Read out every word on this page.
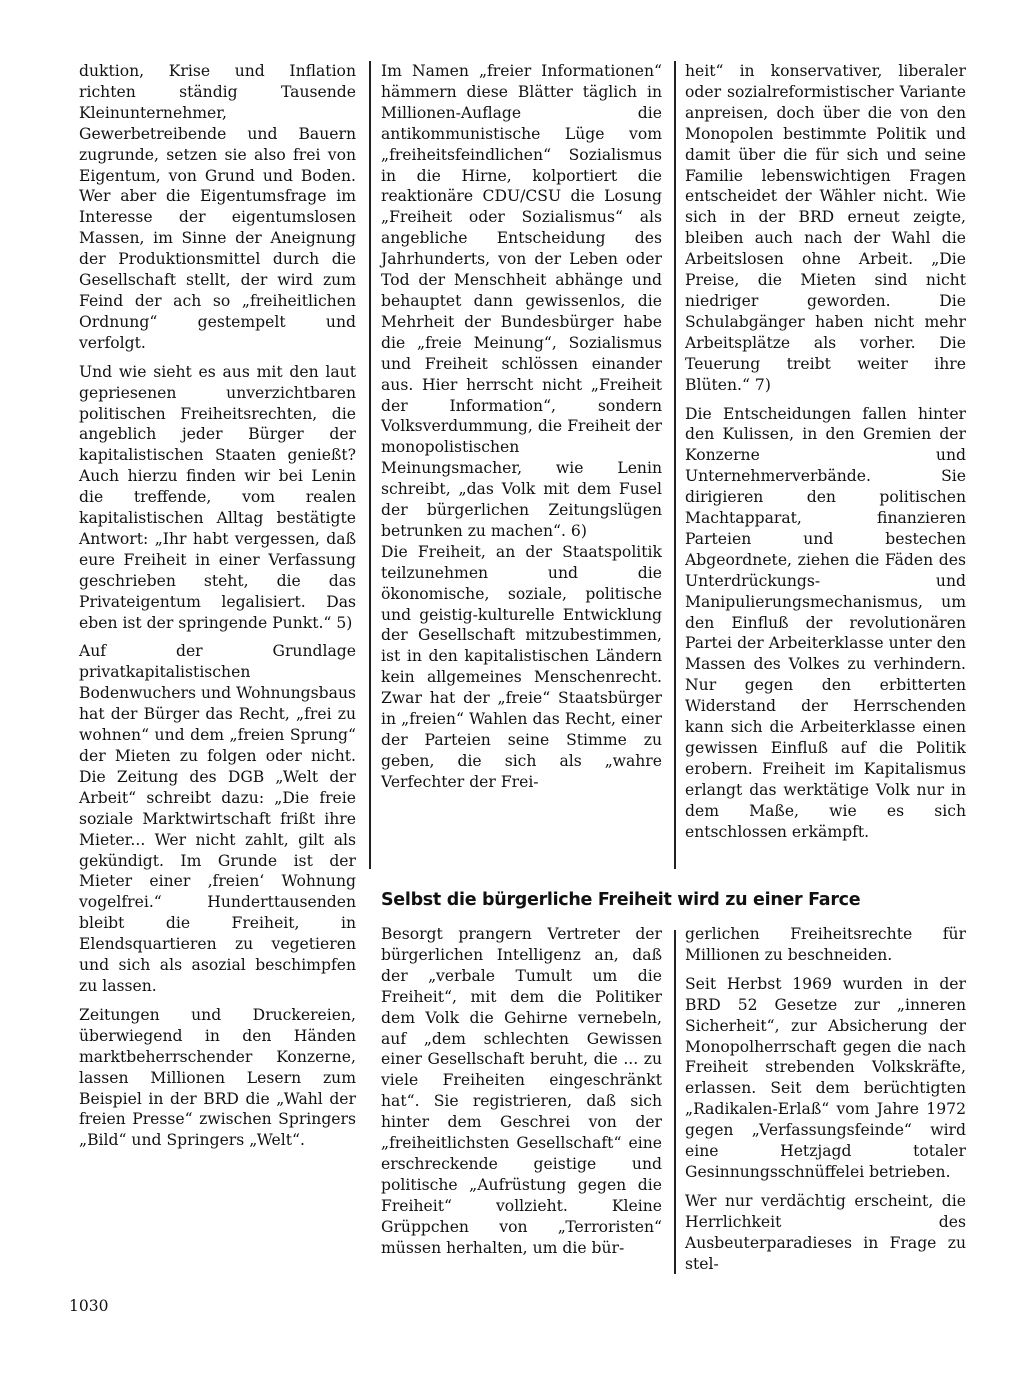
duktion, Krise und Inflation richten ständig Tausende Kleinunternehmer, Gewerbetreibende und Bauern zugrunde, setzen sie also frei von Eigentum, von Grund und Boden. Wer aber die Eigentumsfrage im Interesse der eigentumslosen Massen, im Sinne der Aneignung der Produktionsmittel durch die Gesellschaft stellt, der wird zum Feind der ach so „freiheitlichen Ordnung“ gestempelt und verfolgt.

Und wie sieht es aus mit den laut gepriesenen unverzichtbaren politischen Freiheitsrechten, die angeblich jeder Bürger der kapitalistischen Staaten genießt? Auch hierzu finden wir bei Lenin die treffende, vom realen kapitalistischen Alltag bestätigte Antwort: „Ihr habt vergessen, daß eure Freiheit in einer Verfassung geschrieben steht, die das Privateigentum legalisiert. Das eben ist der springende Punkt.“ 5)

Auf der Grundlage privatkapitalistischen Bodenwuchers und Wohnungsbaus hat der Bürger das Recht, „frei zu wohnen“ und dem „freien Sprung“ der Mieten zu folgen oder nicht. Die Zeitung des DGB „Welt der Arbeit“ schreibt dazu: „Die freie soziale Marktwirtschaft frißt ihre Mieter... Wer nicht zahlt, gilt als gekündigt. Im Grunde ist der Mieter einer ‚freien‘ Wohnung vogelfrei.“ Hunderttausenden bleibt die Freiheit, in Elendsquartieren zu vegetieren und sich als asozial beschimpfen zu lassen.

Zeitungen und Druckereien, überwiegend in den Händen marktbeherrschender Konzerne, lassen Millionen Lesern zum Beispiel in der BRD die „Wahl der freien Presse“ zwischen Springers „Bild“ und Springers „Welt“.

Im Namen „freier Informationen“ hämmern diese Blätter täglich in Millionen-Auflage die antikommunistische Lüge vom „freiheitsfeindlichen“ Sozialismus in die Hirne, kolportiert die reaktionäre CDU/CSU die Losung „Freiheit oder Sozialismus“ als angebliche Entscheidung des Jahrhunderts, von der Leben oder Tod der Menschheit abhänge und behauptet dann gewissenlos, die Mehrheit der Bundesbürger habe die „freie Meinung“, Sozialismus und Freiheit schlössen einander aus. Hier herrscht nicht „Freiheit der Information“, sondern Volksverdummung, die Freiheit der monopolistischen Meinungsmacher, wie Lenin schreibt, „das Volk mit dem Fusel der bürgerlichen Zeitungslügen betrunken zu machen“. 6)

Die Freiheit, an der Staatspolitik teilzunehmen und die ökonomische, soziale, politische und geistig-kulturelle Entwicklung der Gesellschaft mitzubestimmen, ist in den kapitalistischen Ländern kein allgemeines Menschenrecht. Zwar hat der „freie“ Staatsbürger in „freien“ Wahlen das Recht, einer der Parteien seine Stimme zu geben, die sich als „wahre Verfechter der Frei-

heit“ in konservativer, liberaler oder sozialreformistischer Variante anpreisen, doch über die von den Monopolen bestimmte Politik und damit über die für sich und seine Familie lebenswichtigen Fragen entscheidet der Wähler nicht. Wie sich in der BRD erneut zeigte, bleiben auch nach der Wahl die Arbeitslosen ohne Arbeit. „Die Preise, die Mieten sind nicht niedriger geworden. Die Schulabgänger haben nicht mehr Arbeitsplätze als vorher. Die Teuerung treibt weiter ihre Blüten.“ 7)

Die Entscheidungen fallen hinter den Kulissen, in den Gremien der Konzerne und Unternehmerverbände. Sie dirigieren den politischen Machtapparat, finanzieren Parteien und bestechen Abgeordnete, ziehen die Fäden des Unterdrückungs- und Manipulierungsmechanismus, um den Einfluß der revolutionären Partei der Arbeiterklasse unter den Massen des Volkes zu verhindern. Nur gegen den erbitterten Widerstand der Herrschenden kann sich die Arbeiterklasse einen gewissen Einfluß auf die Politik erobern. Freiheit im Kapitalismus erlangt das werktätige Volk nur in dem Maße, wie es sich entschlossen erkämpft.

Selbst die bürgerliche Freiheit wird zu einer Farce

Besorgt prangern Vertreter der bürgerlichen Intelligenz an, daß der „verbale Tumult um die Freiheit“, mit dem die Politiker dem Volk die Gehirne vernebeln, auf „dem schlechten Gewissen einer Gesellschaft beruht, die ... zu viele Freiheiten eingeschränkt hat“. Sie registrieren, daß sich hinter dem Geschrei von der „freiheitlichsten Gesellschaft“ eine erschreckende geistige und politische „Aufrüstung gegen die Freiheit“ vollzieht. Kleine Grüppchen von „Terroristen“ müssen herhalten, um die bür-

gerlichen Freiheitsrechte für Millionen zu beschneiden.

Seit Herbst 1969 wurden in der BRD 52 Gesetze zur „inneren Sicherheit“, zur Absicherung der Monopolherrschaft gegen die nach Freiheit strebenden Volkskräfte, erlassen. Seit dem berüchtigten „Radikalen-Erlaß“ vom Jahre 1972 gegen „Verfassungsfeinde“ wird eine Hetzjagd totaler Gesinnungsschnüffelei betrieben.

Wer nur verdächtig erscheint, die Herrlichkeit des Ausbeuterparadieses in Frage zu stel-

1030
